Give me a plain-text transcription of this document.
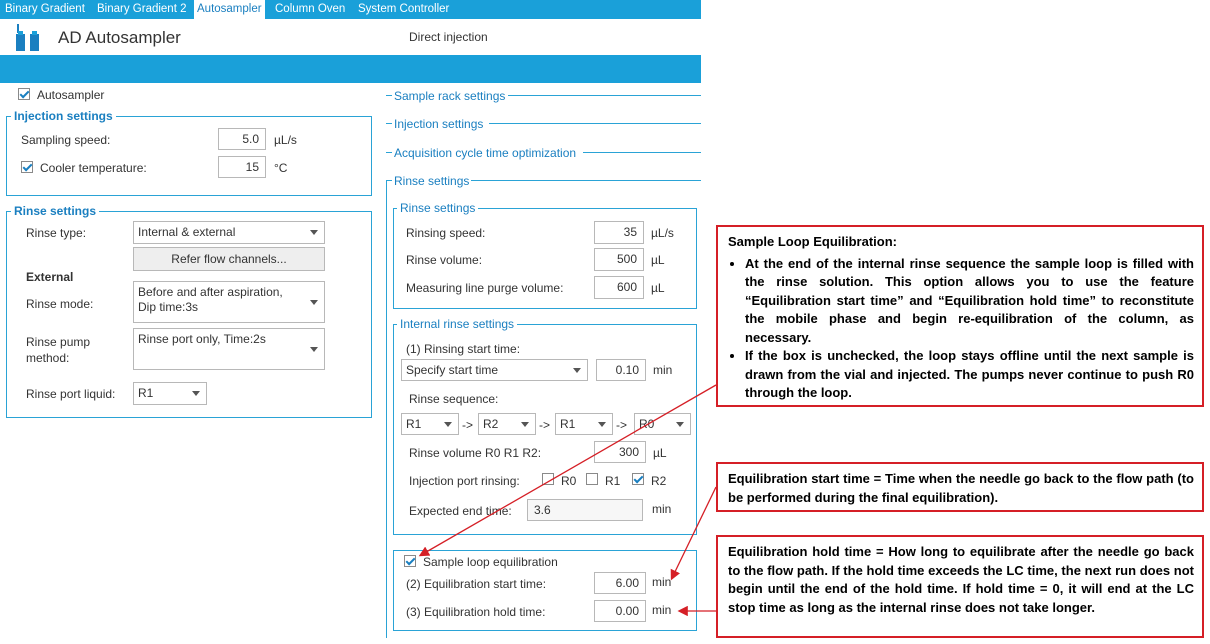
Binary Gradient Binary Gradient 2 Autosampler Column Oven System Controller
AD Autosampler	Direct injection
Autosampler
Injection settings
Sampling speed:	5.0	µL/s
Cooler temperature:	15	°C
Rinse settings
Rinse type:	Internal & external
Refer flow channels...
External
Rinse mode:
Before and after aspiration, Dip time:3s
Rinse pump method:
Rinse port only, Time:2s
Rinse port liquid:	R1
Sample rack settings
Injection settings
Acquisition cycle time optimization
Rinse settings
Rinse settings
Rinsing speed:	35	µL/s
Rinse volume:	500	µL
Measuring line purge volume:	600	µL
Internal rinse settings
(1) Rinsing start time:
Specify start time	0.10	min
Rinse sequence:
R1	-> R2	-> R1	-> R0
Rinse volume R0 R1 R2:	300	µL
Injection port rinsing:	R0 R1	R2
Expected end time:	3.6	min
Sample loop equilibration
(2) Equilibration start time:	6.00	min
(3) Equilibration hold time:	0.00	min
Sample Loop Equilibration:
• At the end of the internal rinse sequence the sample loop is filled with the rinse solution. This option allows you to use the feature “Equilibration start time” and “Equilibration hold time” to reconstitute the mobile phase and begin re-equilibration of the column, as necessary.
• If the box is unchecked, the loop stays offline until the next sample is drawn from the vial and injected. The pumps never continue to push R0 through the loop.
Equilibration start time = Time when the needle go back to the flow path (to be performed during the final equilibration).
Equilibration hold time = How long to equilibrate after the needle go back to the flow path. If the hold time exceeds the LC time, the next run does not begin until the end of the hold time. If hold time = 0, it will end at the LC stop time as long as the internal rinse does not take longer.
